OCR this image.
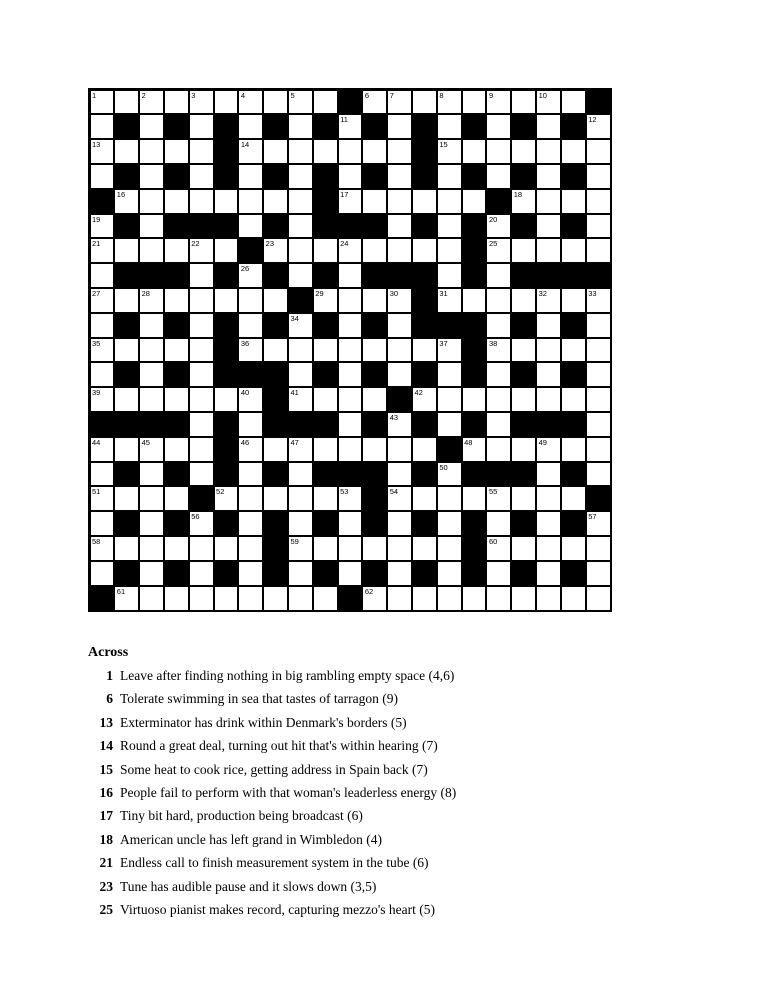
1	2	3	4	5	6	7	8	9	10
11	12
13	14	15
16	17	18
19	20
21	22	23	24	25
26
27	28	29	30	31	32	33
34
35	36	37	38
39	40	41	42
43
44	45	46	47	48	49
50
51	52	53	54	55
56	57
58	59	60
61	62
Across
1 Leave after finding nothing in big rambling empty space (4,6)
6 Tolerate swimming in sea that tastes of tarragon (9)
13 Exterminator has drink within Denmark's borders (5)
14 Round a great deal, turning out hit that's within hearing (7)
15 Some heat to cook rice, getting address in Spain back (7)
16 People fail to perform with that woman's leaderless energy (8)
17 Tiny bit hard, production being broadcast (6)
18 American uncle has left grand in Wimbledon (4)
21 Endless call to finish measurement system in the tube (6)
23 Tune has audible pause and it slows down (3,5)
25 Virtuoso pianist makes record, capturing mezzo's heart (5)
